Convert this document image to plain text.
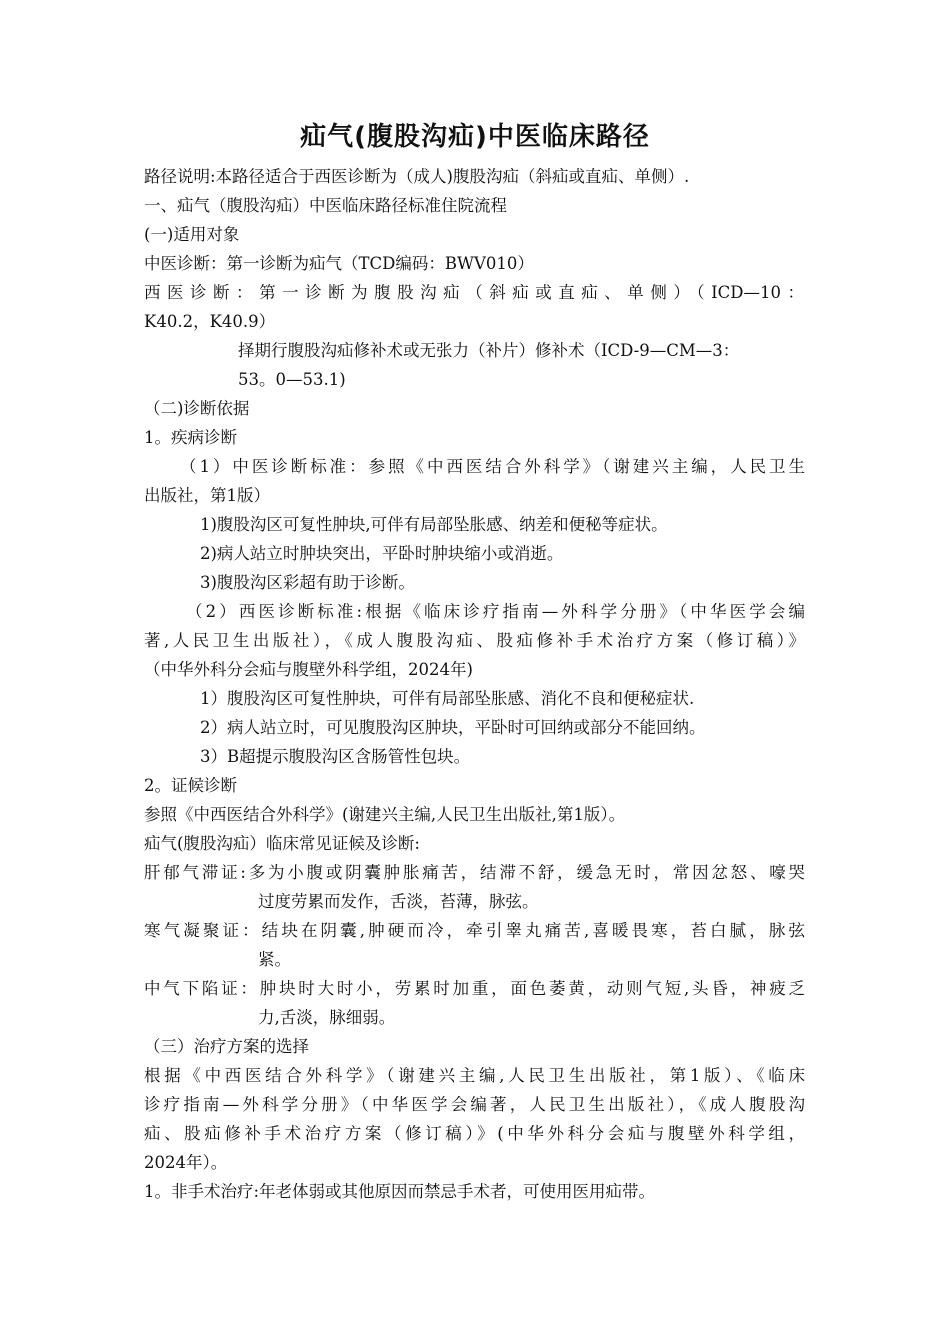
疝气(腹股沟疝)中医临床路径
路径说明:本路径适合于西医诊断为（成人)腹股沟疝（斜疝或直疝、单侧）.
一、疝气（腹股沟疝）中医临床路径标准住院流程
(一)适用对象
中医诊断：第一诊断为疝气（TCD编码：BWV010）
西医诊断：第一诊断为腹股沟疝（斜疝或直疝、单侧）（ICD—10：
K40.2，K40.9）
择期行腹股沟疝修补术或无张力（补片）修补术（ICD-9—CM—3：
53。0—53.1)
（二)诊断依据
1。疾病诊断
（1）中医诊断标准：参照《中西医结合外科学》（谢建兴主编，人民卫生
出版社，第1版）
1)腹股沟区可复性肿块,可伴有局部坠胀感、纳差和便秘等症状。
2)病人站立时肿块突出，平卧时肿块缩小或消逝。
3)腹股沟区彩超有助于诊断。
（2）西医诊断标准:根据《临床诊疗指南—外科学分册》（中华医学会编
著,人民卫生出版社），《成人腹股沟疝、股疝修补手术治疗方案（修订稿）》
（中华外科分会疝与腹壁外科学组，2024年)
1）腹股沟区可复性肿块，可伴有局部坠胀感、消化不良和便秘症状.
2）病人站立时，可见腹股沟区肿块，平卧时可回纳或部分不能回纳。
3）B超提示腹股沟区含肠管性包块。
2。证候诊断
参照《中西医结合外科学》(谢建兴主编,人民卫生出版社,第1版）。
疝气(腹股沟疝）临床常见证候及诊断:
肝郁气滞证:多为小腹或阴囊肿胀痛苦，结滞不舒，缓急无时，常因忿怒、嚎哭
过度劳累而发作，舌淡，苔薄，脉弦。
寒气凝聚证：结块在阴囊,肿硬而冷，牵引睾丸痛苦,喜暖畏寒，苔白腻，脉弦
紧。
中气下陷证：肿块时大时小，劳累时加重，面色萎黄，动则气短,头昏，神疲乏
力,舌淡，脉细弱。
（三）治疗方案的选择
根据《中西医结合外科学》（谢建兴主编,人民卫生出版社，第1版）、《临床
诊疗指南—外科学分册》（中华医学会编著，人民卫生出版社），《成人腹股沟
疝、股疝修补手术治疗方案（修订稿）》(中华外科分会疝与腹壁外科学组，
2024年）。
1。非手术治疗:年老体弱或其他原因而禁忌手术者，可使用医用疝带。
